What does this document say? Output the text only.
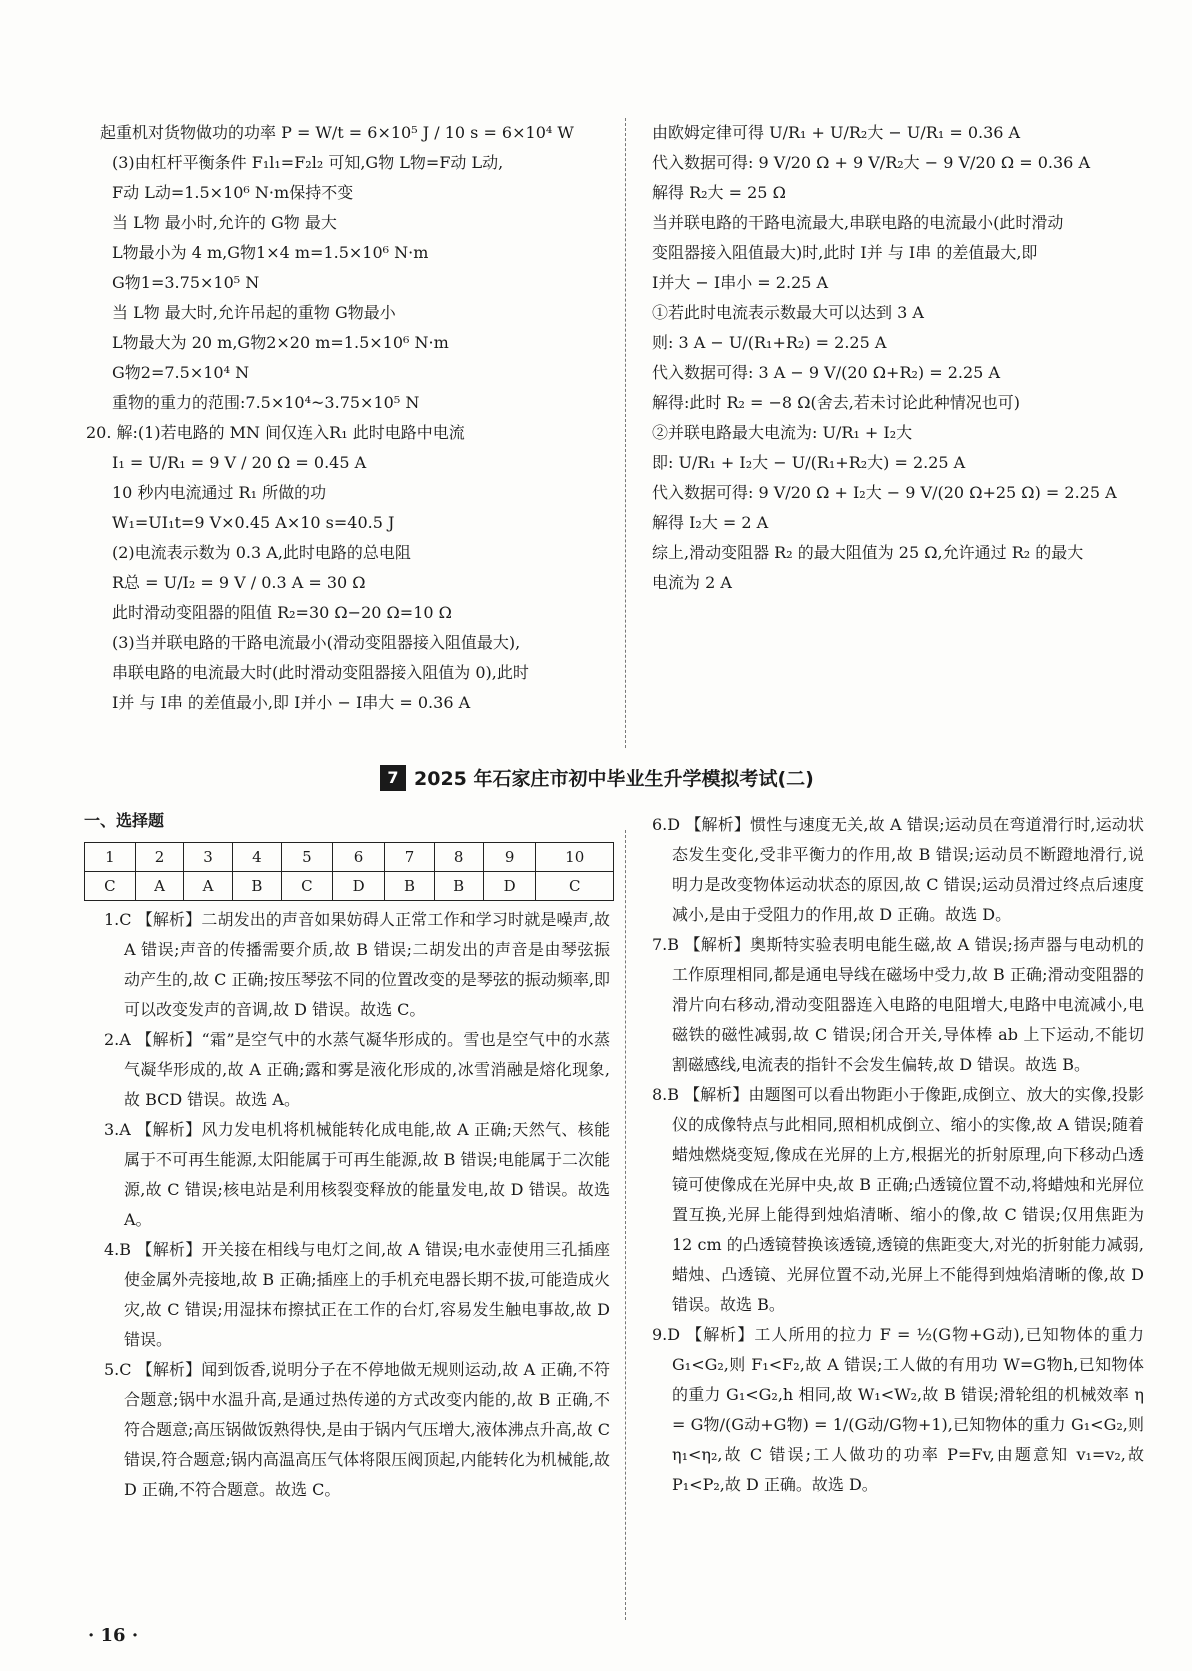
起重机对货物做功的功率 P = W/t = 6×10⁵ J / 10 s = 6×10⁴ W
(3)由杠杆平衡条件 F₁l₁=F₂l₂ 可知,G物 L物=F动 L动,
F动 L动=1.5×10⁶ N·m保持不变
当 L物 最小时,允许的 G物 最大
L物最小为 4 m,G物1×4 m=1.5×10⁶ N·m
G物1=3.75×10⁵ N
当 L物 最大时,允许吊起的重物 G物最小
L物最大为 20 m,G物2×20 m=1.5×10⁶ N·m
G物2=7.5×10⁴ N
重物的重力的范围:7.5×10⁴~3.75×10⁵ N
20. 解:(1)若电路的 MN 间仅连入R₁ 此时电路中电流
I₁ = U/R₁ = 9 V / 20 Ω = 0.45 A
10 秒内电流通过 R₁ 所做的功
W₁=UI₁t=9 V×0.45 A×10 s=40.5 J
(2)电流表示数为 0.3 A,此时电路的总电阻
R总 = U/I₂ = 9 V / 0.3 A = 30 Ω
此时滑动变阻器的阻值 R₂=30 Ω−20 Ω=10 Ω
(3)当并联电路的干路电流最小(滑动变阻器接入阻值最大),
串联电路的电流最大时(此时滑动变阻器接入阻值为 0),此时
I并 与 I串 的差值最小,即 I并小 − I串大 = 0.36 A
由欧姆定律可得 U/R₁ + U/R₂大 − U/R₁ = 0.36 A
代入数据可得: 9 V/20 Ω + 9 V/R₂大 − 9 V/20 Ω = 0.36 A
解得 R₂大 = 25 Ω
当并联电路的干路电流最大,串联电路的电流最小(此时滑动
变阻器接入阻值最大)时,此时 I并 与 I串 的差值最大,即
I并大 − I串小 = 2.25 A
①若此时电流表示数最大可以达到 3 A
则: 3 A − U/(R₁+R₂) = 2.25 A
代入数据可得: 3 A − 9 V/(20 Ω+R₂) = 2.25 A
解得:此时 R₂ = −8 Ω(舍去,若未讨论此种情况也可)
②并联电路最大电流为: U/R₁ + I₂大
即: U/R₁ + I₂大 − U/(R₁+R₂大) = 2.25 A
代入数据可得: 9 V/20 Ω + I₂大 − 9 V/(20 Ω+25 Ω) = 2.25 A
解得 I₂大 = 2 A
综上,滑动变阻器 R₂ 的最大阻值为 25 Ω,允许通过 R₂ 的最大
电流为 2 A
7 2025 年石家庄市初中毕业生升学模拟考试(二)
一、选择题
1	2	3	4	5	6	7	8	9	10
C	A	A	B	C	D	B	B	D	C

1.C 【解析】二胡发出的声音如果妨碍人正常工作和学习时就是噪声,故 A 错误;声音的传播需要介质,故 B 错误;二胡发出的声音是由琴弦振动产生的,故 C 正确;按压琴弦不同的位置改变的是琴弦的振动频率,即可以改变发声的音调,故 D 错误。故选 C。

2.A 【解析】“霜”是空气中的水蒸气凝华形成的。雪也是空气中的水蒸气凝华形成的,故 A 正确;露和雾是液化形成的,冰雪消融是熔化现象,故 BCD 错误。故选 A。

3.A 【解析】风力发电机将机械能转化成电能,故 A 正确;天然气、核能属于不可再生能源,太阳能属于可再生能源,故 B 错误;电能属于二次能源,故 C 错误;核电站是利用核裂变释放的能量发电,故 D 错误。故选 A。

4.B 【解析】开关接在相线与电灯之间,故 A 错误;电水壶使用三孔插座使金属外壳接地,故 B 正确;插座上的手机充电器长期不拔,可能造成火灾,故 C 错误;用湿抹布擦拭正在工作的台灯,容易发生触电事故,故 D 错误。

5.C 【解析】闻到饭香,说明分子在不停地做无规则运动,故 A 正确,不符合题意;锅中水温升高,是通过热传递的方式改变内能的,故 B 正确,不符合题意;高压锅做饭熟得快,是由于锅内气压增大,液体沸点升高,故 C 错误,符合题意;锅内高温高压气体将限压阀顶起,内能转化为机械能,故 D 正确,不符合题意。故选 C。

6.D 【解析】惯性与速度无关,故 A 错误;运动员在弯道滑行时,运动状态发生变化,受非平衡力的作用,故 B 错误;运动员不断蹬地滑行,说明力是改变物体运动状态的原因,故 C 错误;运动员滑过终点后速度减小,是由于受阻力的作用,故 D 正确。故选 D。

7.B 【解析】奥斯特实验表明电能生磁,故 A 错误;扬声器与电动机的工作原理相同,都是通电导线在磁场中受力,故 B 正确;滑动变阻器的滑片向右移动,滑动变阻器连入电路的电阻增大,电路中电流减小,电磁铁的磁性减弱,故 C 错误;闭合开关,导体棒 ab 上下运动,不能切割磁感线,电流表的指针不会发生偏转,故 D 错误。故选 B。

8.B 【解析】由题图可以看出物距小于像距,成倒立、放大的实像,投影仪的成像特点与此相同,照相机成倒立、缩小的实像,故 A 错误;随着蜡烛燃烧变短,像成在光屏的上方,根据光的折射原理,向下移动凸透镜可使像成在光屏中央,故 B 正确;凸透镜位置不动,将蜡烛和光屏位置互换,光屏上能得到烛焰清晰、缩小的像,故 C 错误;仅用焦距为 12 cm 的凸透镜替换该透镜,透镜的焦距变大,对光的折射能力减弱,蜡烛、凸透镜、光屏位置不动,光屏上不能得到烛焰清晰的像,故 D 错误。故选 B。

9.D 【解析】工人所用的拉力 F = ½(G物+G动),已知物体的重力 G₁<G₂,则 F₁<F₂,故 A 错误;工人做的有用功 W=G物h,已知物体的重力 G₁<G₂,h 相同,故 W₁<W₂,故 B 错误;滑轮组的机械效率 η = G物/(G动+G物) = 1/(G动/G物+1),已知物体的重力 G₁<G₂,则 η₁<η₂,故 C 错误;工人做功的功率 P=Fv,由题意知 v₁=v₂,故 P₁<P₂,故 D 正确。故选 D。

· 16 ·
